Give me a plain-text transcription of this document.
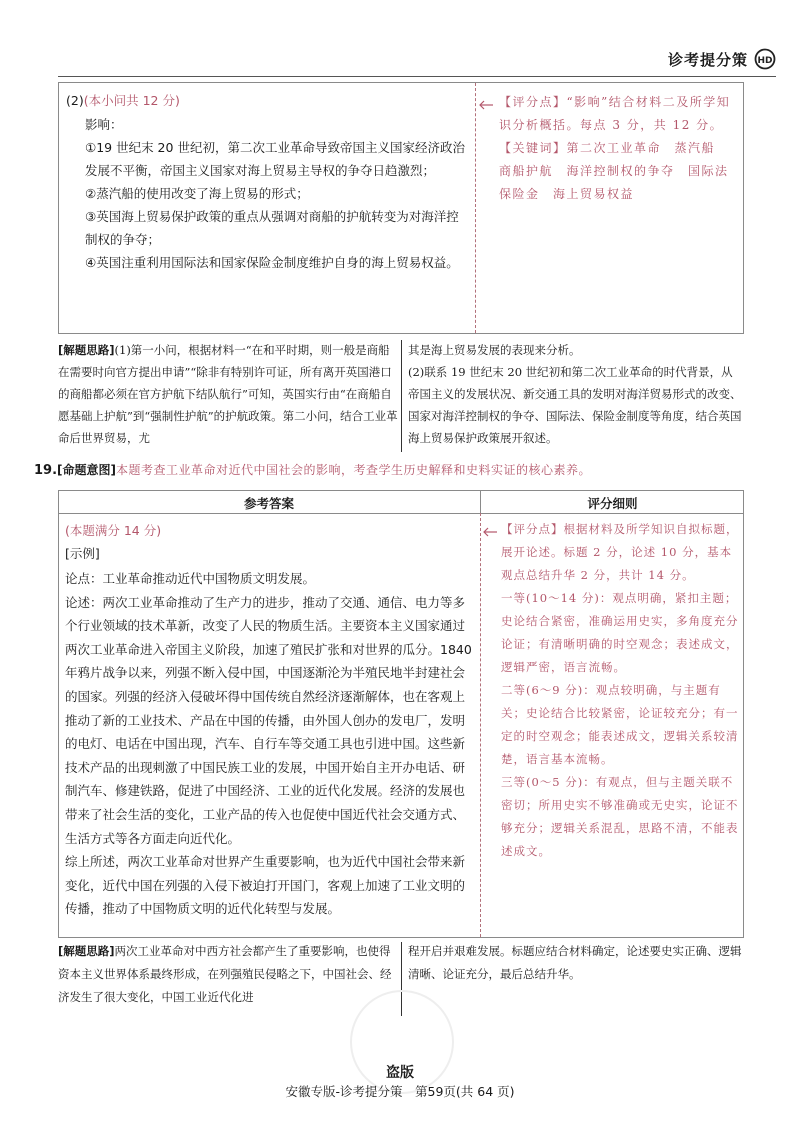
诊考提分策 HD
(2)(本小问共 12 分)

影响：

①19 世纪末 20 世纪初，第二次工业革命导致帝国主义国家经济政治发展不平衡，帝国主义国家对海上贸易主导权的争夺日趋激烈；

②蒸汽船的使用改变了海上贸易的形式；

③英国海上贸易保护政策的重点从强调对商船的护航转变为对海洋控制权的争夺；

④英国注重利用国际法和国家保险金制度维护自身的海上贸易权益。

【评分点】“影响”结合材料二及所学知识分析概括。每点 3 分，共 12 分。

【关键词】第二次工业革命　蒸汽船　商船护航　海洋控制权的争夺　国际法　保险金　海上贸易权益

[解题思路](1)第一小问，根据材料一“在和平时期，则一般是商船在需要时向官方提出申请”“除非有特别许可证，所有离开英国港口的商船都必须在官方护航下结队航行”可知，英国实行由“在商船自愿基础上护航”到“强制性护航”的护航政策。第二小问，结合工业革命后世界贸易，尤
其是海上贸易发展的表现来分析。
(2)联系 19 世纪末 20 世纪初和第二次工业革命的时代背景，从帝国主义的发展状况、新交通工具的发明对海洋贸易形式的改变、国家对海洋控制权的争夺、国际法、保险金制度等角度，结合英国海上贸易保护政策展开叙述。
19.[命题意图]本题考查工业革命对近代中国社会的影响，考查学生历史解释和史料实证的核心素养。
参考答案	评分细则
(本题满分 14 分)
[示例]

论点：工业革命推动近代中国物质文明发展。

论述：两次工业革命推动了生产力的进步，推动了交通、通信、电力等多个行业领域的技术革新，改变了人民的物质生活。主要资本主义国家通过两次工业革命进入帝国主义阶段，加速了殖民扩张和对世界的瓜分。1840 年鸦片战争以来，列强不断入侵中国，中国逐渐沦为半殖民地半封建社会的国家。列强的经济入侵破坏得中国传统自然经济逐渐解体，也在客观上推动了新的工业技术、产品在中国的传播，由外国人创办的发电厂，发明的电灯、电话在中国出现，汽车、自行车等交通工具也引进中国。这些新技术产品的出现刺激了中国民族工业的发展，中国开始自主开办电话、研制汽车、修建铁路，促进了中国经济、工业的近代化发展。经济的发展也带来了社会生活的变化，工业产品的传入也促使中国近代社会交通方式、生活方式等各方面走向近代化。

综上所述，两次工业革命对世界产生重要影响，也为近代中国社会带来新变化，近代中国在列强的入侵下被迫打开国门，客观上加速了工业文明的传播，推动了中国物质文明的近代化转型与发展。

【评分点】根据材料及所学知识自拟标题，展开论述。标题 2 分，论述 10 分，基本观点总结升华 2 分，共计 14 分。

一等(10～14 分)：观点明确，紧扣主题；史论结合紧密，准确运用史实，多角度充分论证；有清晰明确的时空观念；表述成文，逻辑严密，语言流畅。

二等(6～9 分)：观点较明确，与主题有关；史论结合比较紧密，论证较充分；有一定的时空观念；能表述成文，逻辑关系较清楚，语言基本流畅。

三等(0～5 分)：有观点，但与主题关联不密切；所用史实不够准确或无史实，论证不够充分；逻辑关系混乱，思路不清，不能表述成文。

[解题思路]两次工业革命对中西方社会都产生了重要影响，也使得资本主义世界体系最终形成，在列强殖民侵略之下，中国社会、经济发生了很大变化，中国工业近代化进
程开启并艰难发展。标题应结合材料确定，论述要史实正确、逻辑清晰、论证充分，最后总结升华。
盗版
安徽专版-诊考提分策　第59页(共 64 页)
